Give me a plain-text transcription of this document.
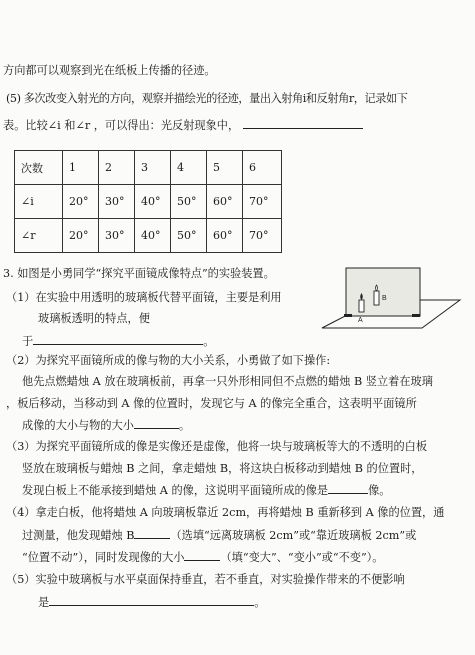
方向都可以观察到光在纸板上传播的径迹。
(5) 多次改变入射光的方向，观察并描绘光的径迹，量出入射角i和反射角r，记录如下
表。比较∠i 和∠r ，可以得出：光反射现象中，
次数	1	2	3	4	5	6
∠i	20°	30°	40°	50°	60°	70°
∠r	20°	30°	40°	50°	60°	70°
3. 如图是小勇同学“探究平面镜成像特点”的实验装置。
（1）在实验中用透明的玻璃板代替平面镜，主要是利用
玻璃板透明的特点，便
于	。
A
B
（2）为探究平面镜所成的像与物的大小关系，小勇做了如下操作:
他先点燃蜡烛 A 放在玻璃板前，再拿一只外形相同但不点燃的蜡烛 B 竖立着在玻璃
，板后移动，当移动到 A 像的位置时，发现它与 A 的像完全重合，这表明平面镜所
成像的大小与物的大小	。
（3）为探究平面镜所成的像是实像还是虚像，他将一块与玻璃板等大的不透明的白板
竖放在玻璃板与蜡烛 B 之间，拿走蜡烛 B，将这块白板移动到蜡烛 B 的位置时，
发现白板上不能承接到蜡烛 A 的像，这说明平面镜所成的像是	像。
（4）拿走白板，他将蜡烛 A 向玻璃板靠近 2cm，再将蜡烛 B 重新移到 A 像的位置，通
过测量，他发现蜡烛 B	（选填“远离玻璃板 2cm”或“靠近玻璃板 2cm”或
“位置不动”），同时发现像的大小	（填“变大”、“变小”或“不变”）。
（5）实验中玻璃板与水平桌面保持垂直，若不垂直，对实验操作带来的不便影响
是	。
